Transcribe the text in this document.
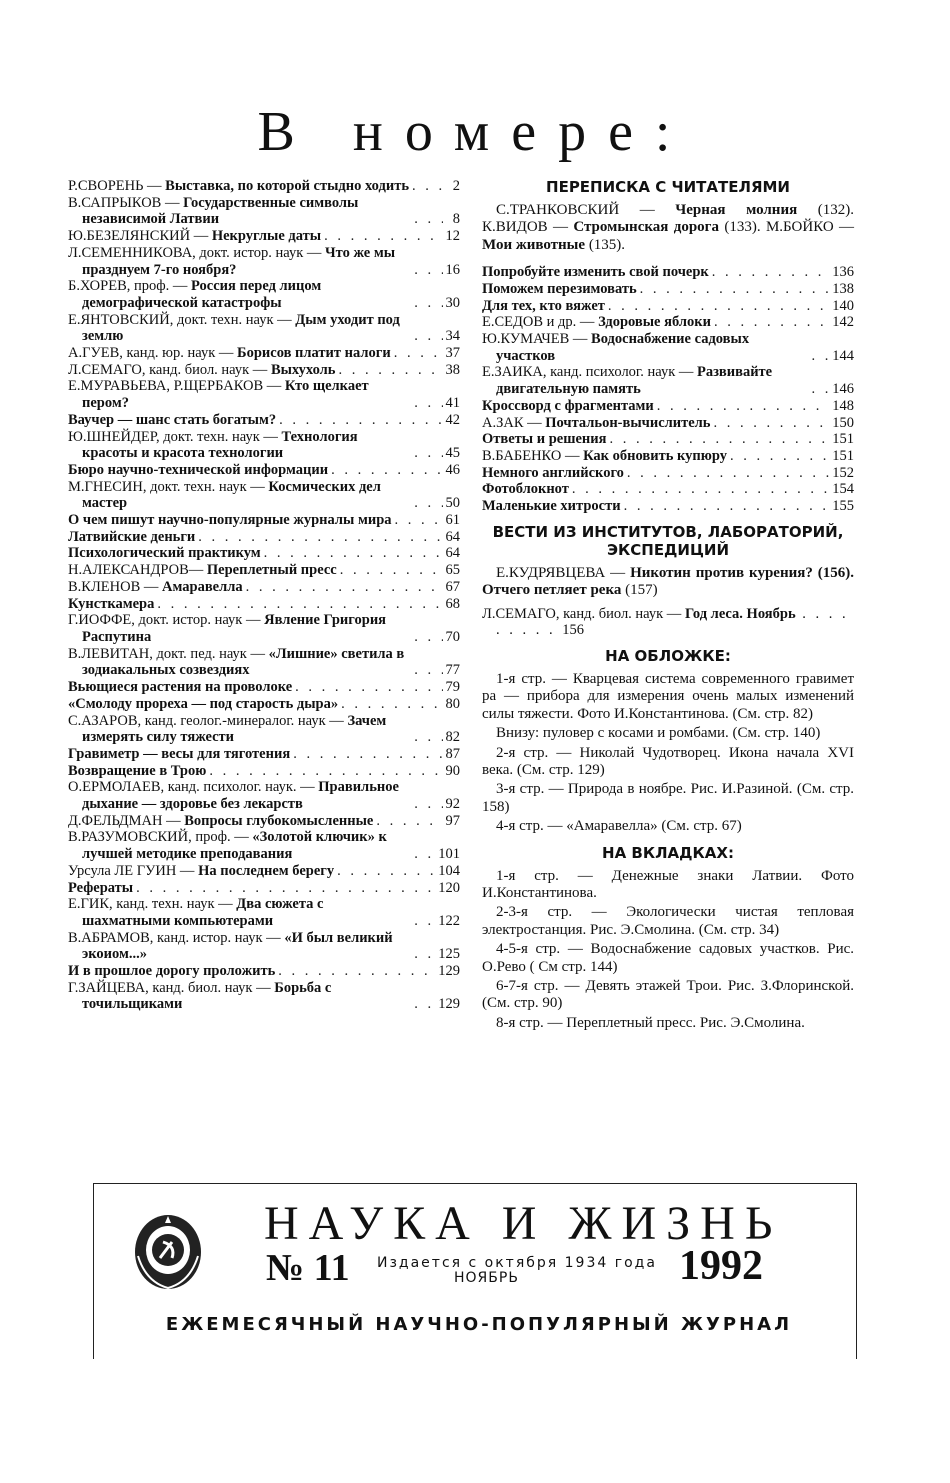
В номере:
Р.СВОРЕНЬ — Выставка, по которой стыдно ходить . . .	2
В.САПРЫКОВ — Государственные символы независимой Латвии . . .	8
Ю.БЕЗЕЛЯНСКИЙ — Некруглые даты . . .	12
Л.СЕМЕННИКОВА, докт. истор. наук — Что же мы празднуем 7-го ноября? . . .	16
Б.ХОРЕВ, проф. — Россия перед лицом демографической катастрофы . . .	30
Е.ЯНТОВСКИЙ, докт. техн. наук — Дым уходит под землю . . .	34
А.ГУЕВ, канд. юр. наук — Борисов платит налоги . . .	37
Л.СЕМАГО, канд. биол. наук — Выхухоль . . .	38
Е.МУРАВЬЕВА, Р.ЩЕРБАКОВ — Кто щелкает пером? . . .	41
Ваучер — шанс стать богатым? . . .	42
Ю.ШНЕЙДЕР, докт. техн. наук — Технология красоты и красота технологии . . .	45
Бюро научно-технической информации . . .	46
М.ГНЕСИН, докт. техн. наук — Космических дел мастер . . .	50
О чем пишут научно-популярные журналы мира . . .	61
Латвийские деньги . . .	64
Психологический практикум . . .	64
Н.АЛЕКСАНДРОВ— Переплетный пресс . . .	65
В.КЛЕНОВ — Амаравелла . . .	67
Кунсткамера . . .	68
Г.ИОФФЕ, докт. истор. наук — Явление Григория Распутина . . .	70
В.ЛЕВИТАН, докт. пед. наук — «Лишние» светила в зодиакальных созвездиях . . .	77
Вьющиеся растения на проволоке . . .	79
«Смолоду прореха — под старость дыра» . . .	80
С.АЗАРОВ, канд. геолог.-минералог. наук — Зачем измерять силу тяжести . . .	82
Гравиметр — весы для тяготения . . .	87
Возвращение в Трою . . .	90
О.ЕРМОЛАЕВ, канд. психолог. наук. — Правильное дыхание — здоровье без лекарств . . .	92
Д.ФЕЛЬДМАН — Вопросы глубокомысленные . . .	97
В.РАЗУМОВСКИЙ, проф. — «Золотой ключик» к лучшей методике преподавания . . .	101
Урсула ЛЕ ГУИН — На последнем берегу . . .	104
Рефераты . . .	120
Е.ГИК, канд. техн. наук — Два сюжета с шахматными компьютерами . . .	122
В.АБРАМОВ, канд. истор. наук — «И был великий экоиом...» . . .	125
И в прошлое дорогу проложить . . .	129
Г.ЗАЙЦЕВА, канд. биол. наук — Борьба с точильщиками . . .	129
ПЕРЕПИСКА С ЧИТАТЕЛЯМИ

С.ТРАНКОВСКИЙ — Черная молния (132). К.ВИДОВ — Стромынская дорога (133). М.БОЙКО — Мои животные (135).

Попробуйте изменить свой почерк . . .	136
Поможем перезимовать . . .	138
Для тех, кто вяжет . . .	140
Е.СЕДОВ и др. — Здоровые яблоки . . .	142
Ю.КУМАЧЕВ — Водоснабжение садовых участков . . .	144
Е.ЗАИКА, канд. психолог. наук — Развивайте двигательную память . . .	146
Кроссворд с фрагментами . . .	148
А.ЗАК — Почтальон-вычислитель . . .	150
Ответы и решения . . .	151
В.БАБЕНКО — Как обновить купюру . . .	151
Немного английского . . .	152
Фотоблокнот . . .	154
Маленькие хитрости . . .	155
ВЕСТИ ИЗ ИНСТИТУТОВ, ЛАБОРАТОРИЙ, ЭКСПЕДИЦИЙ

Е.КУДРЯВЦЕВА — Никотин против курения? (156). Отчего петляет река (157)

Л.СЕМАГО, канд. биол. наук — Год леса. Ноябрь . . . . . . . . . 156
НА ОБЛОЖКЕ:

1-я стр. — Кварцевая система современного гравимет ра — прибора для измерения очень малых изменений силы тяжести. Фото И.Константинова. (См. стр. 82)

Внизу: пуловер с косами и ромбами. (См. стр. 140)

2-я стр. — Николай Чудотворец. Икона начала XVI века. (См. стр. 129)

3-я стр. — Природа в ноябре. Рис. И.Разиной. (См. стр. 158)

4-я стр. — «Амаравелла» (См. стр. 67)

НА ВКЛАДКАХ:

1-я стр. — Денежные знаки Латвии. Фото И.Константинова.

2-3-я стр. — Экологически чистая тепловая электростанция. Рис. Э.Смолина. (См. стр. 34)

4-5-я стр. — Водоснабжение садовых участков. Рис. О.Рево ( См стр. 144)

6-7-я стр. — Девять этажей Трои. Рис. З.Флоринской. (См. стр. 90)

8-я стр. — Переплетный пресс. Рис. Э.Смолина.

НАУКА И ЖИЗНЬ
№ 11 Издается с октября 1934 года
НОЯБРЬ	1992
ЕЖЕМЕСЯЧНЫЙ НАУЧНО-ПОПУЛЯРНЫЙ ЖУРНАЛ
